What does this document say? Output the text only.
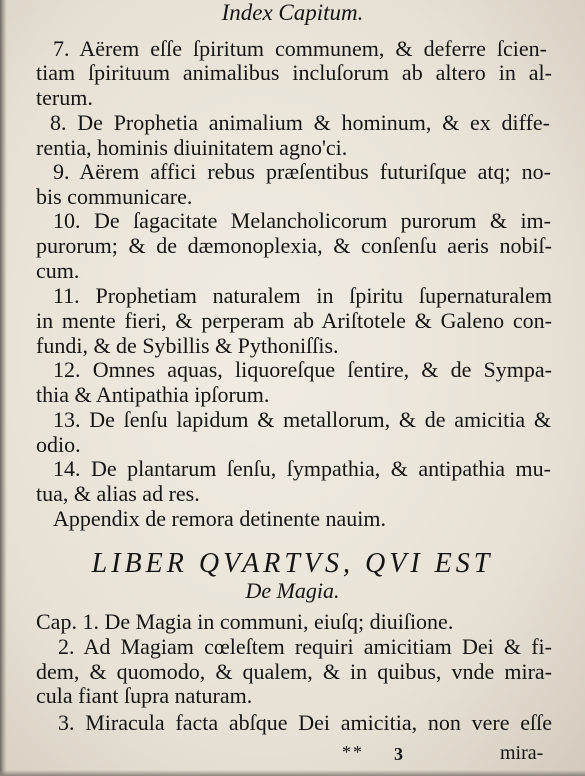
Index Capitum.
7. Aërem eſſe ſpiritum communem, & deferre ſcien-
tiam ſpirituum animalibus incluſorum ab altero in al-
terum.
8. De Prophetia animalium & hominum, & ex diffe-
rentia, hominis diuinitatem agno'ci.
9. Aërem affici rebus præſentibus futuriſque atq; no-
bis communicare.
10. De ſagacitate Melancholicorum purorum & im-
purorum; & de dæmonoplexia, & conſenſu aeris nobiſ-
cum.
11. Prophetiam naturalem in ſpiritu ſupernaturalem
in mente fieri, & perperam ab Ariſtotele & Galeno con-
fundi, & de Sybillis & Pythoniſſis.
12. Omnes aquas, liquoreſque ſentire, & de Sympa-
thia & Antipathia ipſorum.
13. De ſenſu lapidum & metallorum, & de amicitia &
odio.
14. De plantarum ſenſu, ſympathia, & antipathia mu-
tua, & alias ad res.
Appendix de remora detinente nauim.
LIBER QVARTVS, QVI EST
De Magia.
Cap. 1. De Magia in communi, eiuſq; diuiſione.
2. Ad Magiam cœleſtem requiri amicitiam Dei & fi-
dem, & quomodo, & qualem, & in quibus, vnde mira-
cula fiant ſupra naturam.
3. Miracula facta abſque Dei amicitia, non vere eſſe
** 3	mira-
